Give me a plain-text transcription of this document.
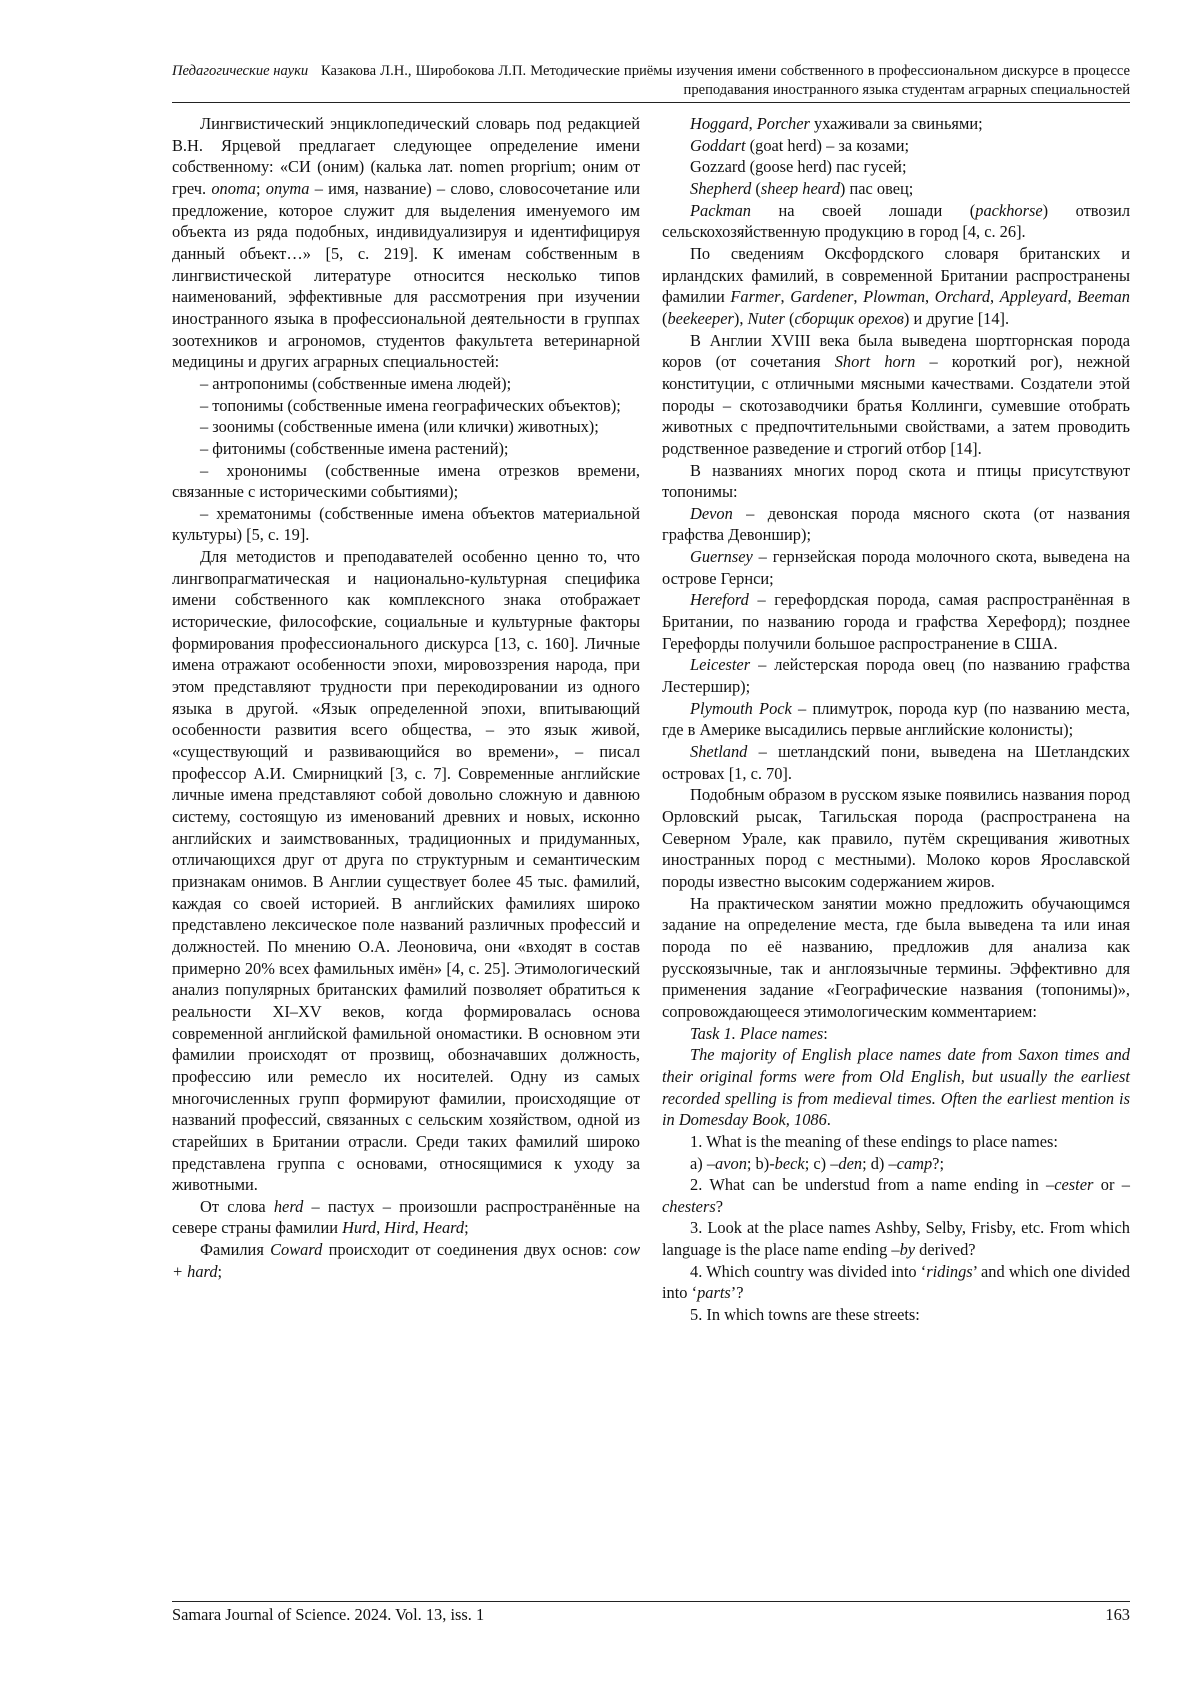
Педагогические науки Казакова Л.Н., Широбокова Л.П. Методические приёмы изучения имени собственного в профессиональном дискурсе в процессе преподавания иностранного языка студентам аграрных специальностей

Лингвистический энциклопедический словарь под редакцией В.Н. Ярцевой предлагает следующее определение имени собственному: «СИ (оним) (калька лат. nomen proprium; оним от греч. onoma; onyma – имя, название) – слово, словосочетание или предложение, которое служит для выделения именуемого им объекта из ряда подобных, индивидуализируя и идентифицируя данный объект…» [5, с. 219]. К именам собственным в лингвистической литературе относится несколько типов наименований, эффективные для рассмотрения при изучении иностранного языка в профессиональной деятельности в группах зоотехников и агрономов, студентов факультета ветеринарной медицины и других аграрных специальностей:

– антропонимы (собственные имена людей);

– топонимы (собственные имена географических объектов);

– зоонимы (собственные имена (или клички) животных);

– фитонимы (собственные имена растений);

– хрононимы (собственные имена отрезков времени, связанные с историческими событиями);

– хрематонимы (собственные имена объектов материальной культуры) [5, с. 19].

Для методистов и преподавателей особенно ценно то, что лингвопрагматическая и национально-культурная специфика имени собственного как комплексного знака отображает исторические, философские, социальные и культурные факторы формирования профессионального дискурса [13, с. 160]. Личные имена отражают особенности эпохи, мировоззрения народа, при этом представляют трудности при перекодировании из одного языка в другой. «Язык определенной эпохи, впитывающий особенности развития всего общества, – это язык живой, «существующий и развивающийся во времени», – писал профессор А.И. Смирницкий [3, с. 7]. Современные английские личные имена представляют собой довольно сложную и давнюю систему, состоящую из именований древних и новых, исконно английских и заимствованных, традиционных и придуманных, отличающихся друг от друга по структурным и семантическим признакам онимов. В Англии существует более 45 тыс. фамилий, каждая со своей историей. В английских фамилиях широко представлено лексическое поле названий различных профессий и должностей. По мнению О.А. Леоновича, они «входят в состав примерно 20% всех фамильных имён» [4, с. 25]. Этимологический анализ популярных британских фамилий позволяет обратиться к реальности XI–XV веков, когда формировалась основа современной английской фамильной ономастики. В основном эти фамилии происходят от прозвищ, обозначавших должность, профессию или ремесло их носителей. Одну из самых многочисленных групп формируют фамилии, происходящие от названий профессий, связанных с сельским хозяйством, одной из старейших в Британии отрасли. Среди таких фамилий широко представлена группа с основами, относящимися к уходу за животными.

От слова herd – пастух – произошли распространённые на севере страны фамилии Hurd, Hird, Heard;

Фамилия Coward происходит от соединения двух основ: cow + hard;

Hoggard, Porcher ухаживали за свиньями;

Goddart (goat herd) – за козами;

Gozzard (goose herd) пас гусей;

Shepherd (sheep heard) пас овец;

Packman на своей лошади (packhorse) отвозил сельскохозяйственную продукцию в город [4, с. 26].

По сведениям Оксфордского словаря британских и ирландских фамилий, в современной Британии распространены фамилии Farmer, Gardener, Plowman, Orchard, Appleyard, Beeman (beekeeper), Nuter (сборщик орехов) и другие [14].

В Англии XVIII века была выведена шортгорнская порода коров (от сочетания Short horn – короткий рог), нежной конституции, с отличными мясными качествами. Создатели этой породы – скотозаводчики братья Коллинги, сумевшие отобрать животных с предпочтительными свойствами, а затем проводить родственное разведение и строгий отбор [14].

В названиях многих пород скота и птицы присутствуют топонимы:

Devon – девонская порода мясного скота (от названия графства Девоншир);

Guernsey – гернзейская порода молочного скота, выведена на острове Гернси;

Hereford – герефордская порода, самая распространённая в Британии, по названию города и графства Херефорд); позднее Герефорды получили большое распространение в США.

Leicester – лейстерская порода овец (по названию графства Лестершир);

Plymouth Pock – плимутрок, порода кур (по названию места, где в Америке высадились первые английские колонисты);

Shetland – шетландский пони, выведена на Шетландских островах [1, с. 70].

Подобным образом в русском языке появились названия пород Орловский рысак, Тагильская порода (распространена на Северном Урале, как правило, путём скрещивания животных иностранных пород с местными). Молоко коров Ярославской породы известно высоким содержанием жиров.

На практическом занятии можно предложить обучающимся задание на определение места, где была выведена та или иная порода по её названию, предложив для анализа как русскоязычные, так и англоязычные термины. Эффективно для применения задание «Географические названия (топонимы)», сопровождающееся этимологическим комментарием:

Task 1. Place names:

The majority of English place names date from Saxon times and their original forms were from Old English, but usually the earliest recorded spelling is from medieval times. Often the earliest mention is in Domesday Book, 1086.

1. What is the meaning of these endings to place names:

a) –avon; b)-beck; c) –den; d) –camp?;

2. What can be understud from a name ending in –cester or –chesters?

3. Look at the place names Ashby, Selby, Frisby, etc. From which language is the place name ending –by derived?

4. Which country was divided into ‘ridings’ and which one divided into ‘parts’?

5. In which towns are these streets:

Samara Journal of Science. 2024. Vol. 13, iss. 1	163
